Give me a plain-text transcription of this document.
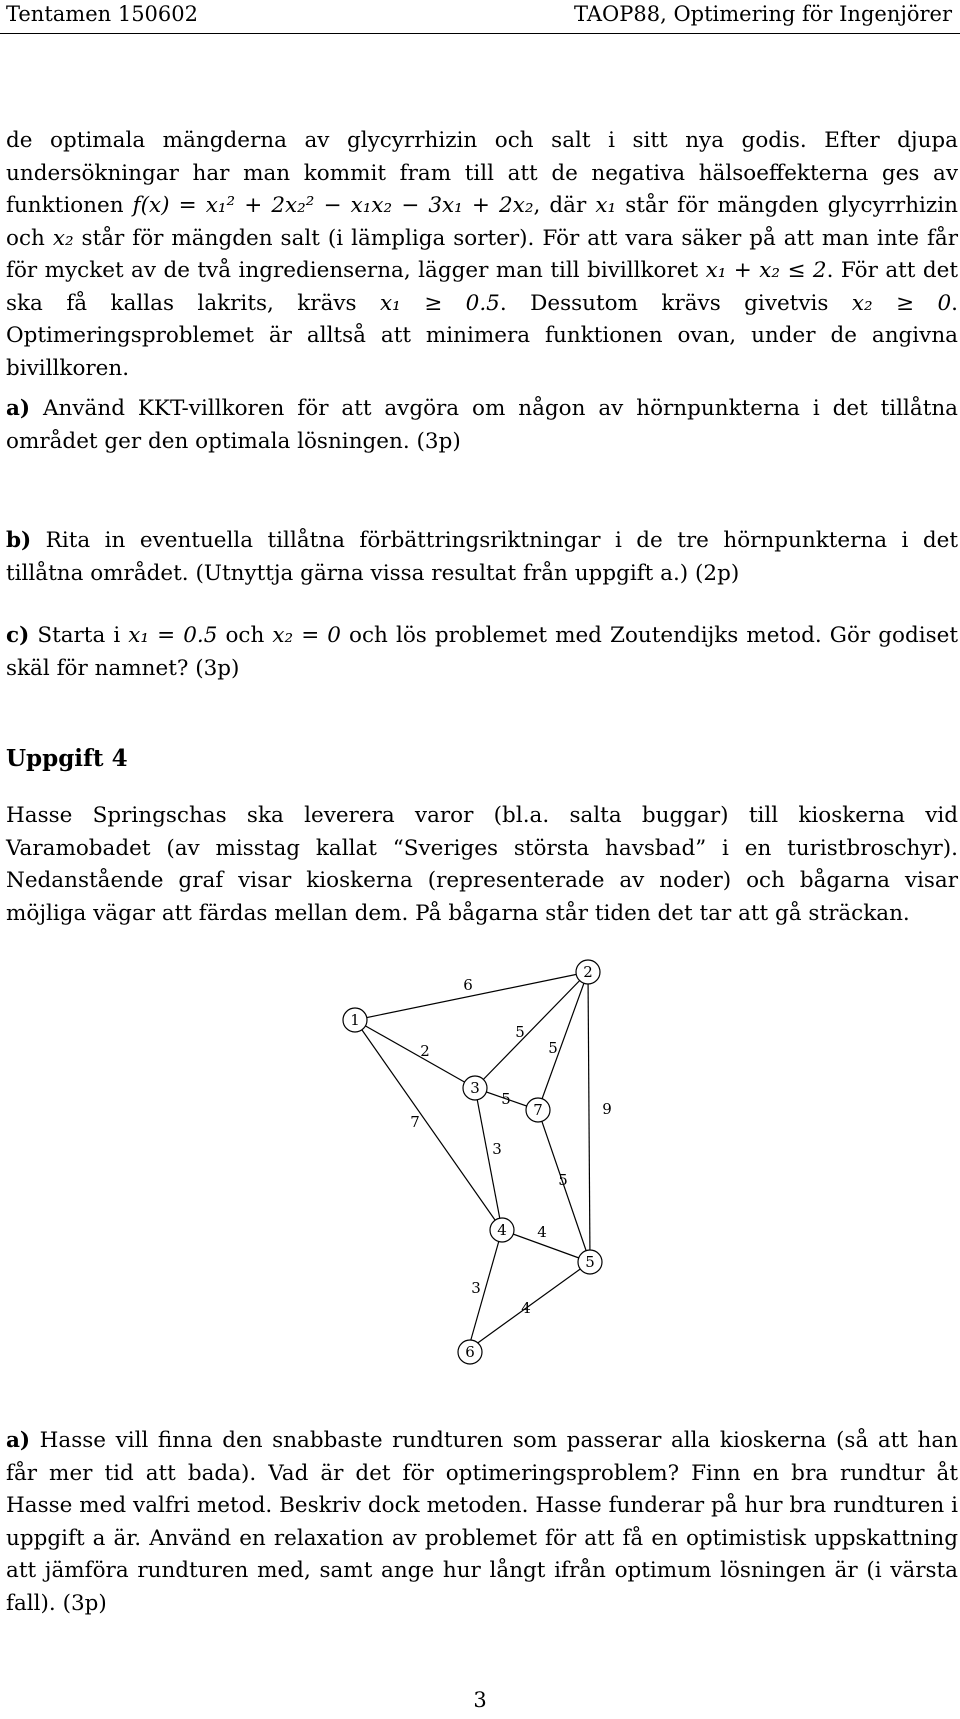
Tentamen 150602	TAOP88, Optimering för Ingenjörer

de optimala mängderna av glycyrrhizin och salt i sitt nya godis. Efter djupa undersökningar har man kommit fram till att de negativa hälsoeffekterna ges av funktionen f(x) = x₁² + 2x₂² − x₁x₂ − 3x₁ + 2x₂, där x₁ står för mängden glycyrrhizin och x₂ står för mängden salt (i lämpliga sorter). För att vara säker på att man inte får för mycket av de två ingredienserna, lägger man till bivillkoret x₁ + x₂ ≤ 2. För att det ska få kallas lakrits, krävs x₁ ≥ 0.5. Dessutom krävs givetvis x₂ ≥ 0. Optimeringsproblemet är alltså att minimera funktionen ovan, under de angivna bivillkoren.

a) Använd KKT-villkoren för att avgöra om någon av hörnpunkterna i det tillåtna området ger den optimala lösningen. (3p)

b) Rita in eventuella tillåtna förbättringsriktningar i de tre hörnpunkterna i det tillåtna området. (Utnyttja gärna vissa resultat från uppgift a.) (2p)

c) Starta i x₁ = 0.5 och x₂ = 0 och lös problemet med Zoutendijks metod. Gör godiset skäl för namnet? (3p)

Uppgift 4

Hasse Springschas ska leverera varor (bl.a. salta buggar) till kioskerna vid Varamobadet (av misstag kallat “Sveriges största havsbad” i en turistbroschyr). Nedanstående graf visar kioskerna (representerade av noder) och bågarna visar möjliga vägar att färdas mellan dem. På bågarna står tiden det tar att gå sträckan.

1
2
3
4
5
7
6
2
7
5
5
9
5
3
5
4
3
4
6

a) Hasse vill finna den snabbaste rundturen som passerar alla kioskerna (så att han får mer tid att bada). Vad är det för optimeringsproblem? Finn en bra rundtur åt Hasse med valfri metod. Beskriv dock metoden. Hasse funderar på hur bra rundturen i uppgift a är. Använd en relaxation av problemet för att få en optimistisk uppskattning att jämföra rundturen med, samt ange hur långt ifrån optimum lösningen är (i värsta fall). (3p)

3
